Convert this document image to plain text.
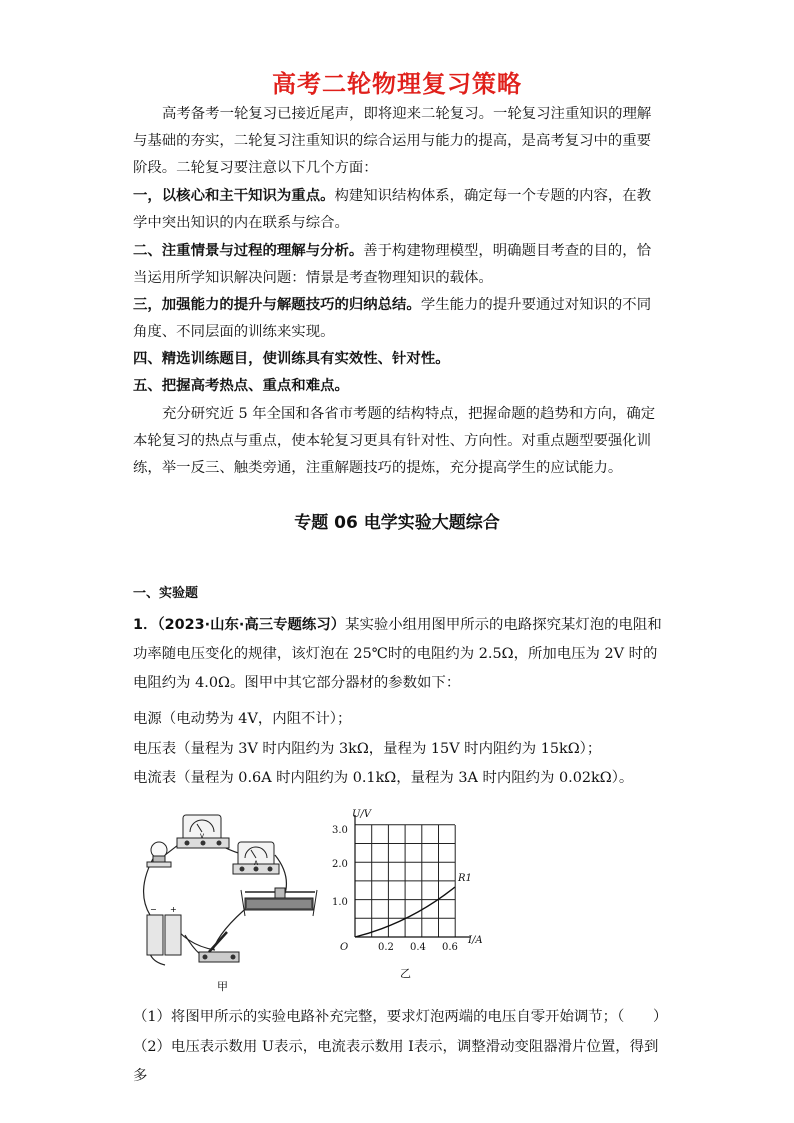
高考二轮物理复习策略
高考备考一轮复习已接近尾声，即将迎来二轮复习。一轮复习注重知识的理解与基础的夯实，二轮复习注重知识的综合运用与能力的提高，是高考复习中的重要阶段。二轮复习要注意以下几个方面：
一，以核心和主干知识为重点。构建知识结构体系，确定每一个专题的内容，在教学中突出知识的内在联系与综合。
二、注重情景与过程的理解与分析。善于构建物理模型，明确题目考查的目的，恰当运用所学知识解决问题：情景是考查物理知识的载体。
三，加强能力的提升与解题技巧的归纳总结。学生能力的提升要通过对知识的不同角度、不同层面的训练来实现。
四、精选训练题目，使训练具有实效性、针对性。
五、把握高考热点、重点和难点。
充分研究近 5 年全国和各省市考题的结构特点，把握命题的趋势和方向，确定本轮复习的热点与重点，使本轮复习更具有针对性、方向性。对重点题型要强化训练，举一反三、触类旁通，注重解题技巧的提炼，充分提高学生的应试能力。
专题 06 电学实验大题综合
一、实验题
1．（2023·山东·高三专题练习）某实验小组用图甲所示的电路探究某灯泡的电阻和功率随电压变化的规律，该灯泡在 25℃时的电阻约为 2.5Ω，所加电压为 2V 时的电阻约为 4.0Ω。图甲中其它部分器材的参数如下：
电源（电动势为 4V，内阻不计）；
电压表（量程为 3V 时内阻约为 3kΩ，量程为 15V 时内阻约为 15kΩ）；
电流表（量程为 0.6A 时内阻约为 0.1kΩ，量程为 3A 时内阻约为 0.02kΩ）。
V
A
− +
甲
U/V
I/A
O
1.0
2.0
3.0
0.2 0.4 0.6
R1
乙
（1）将图甲所示的实验电路补充完整，要求灯泡两端的电压自零开始调节；（　　）
（2）电压表示数用 U表示，电流表示数用 I表示，调整滑动变阻器滑片位置，得到多
